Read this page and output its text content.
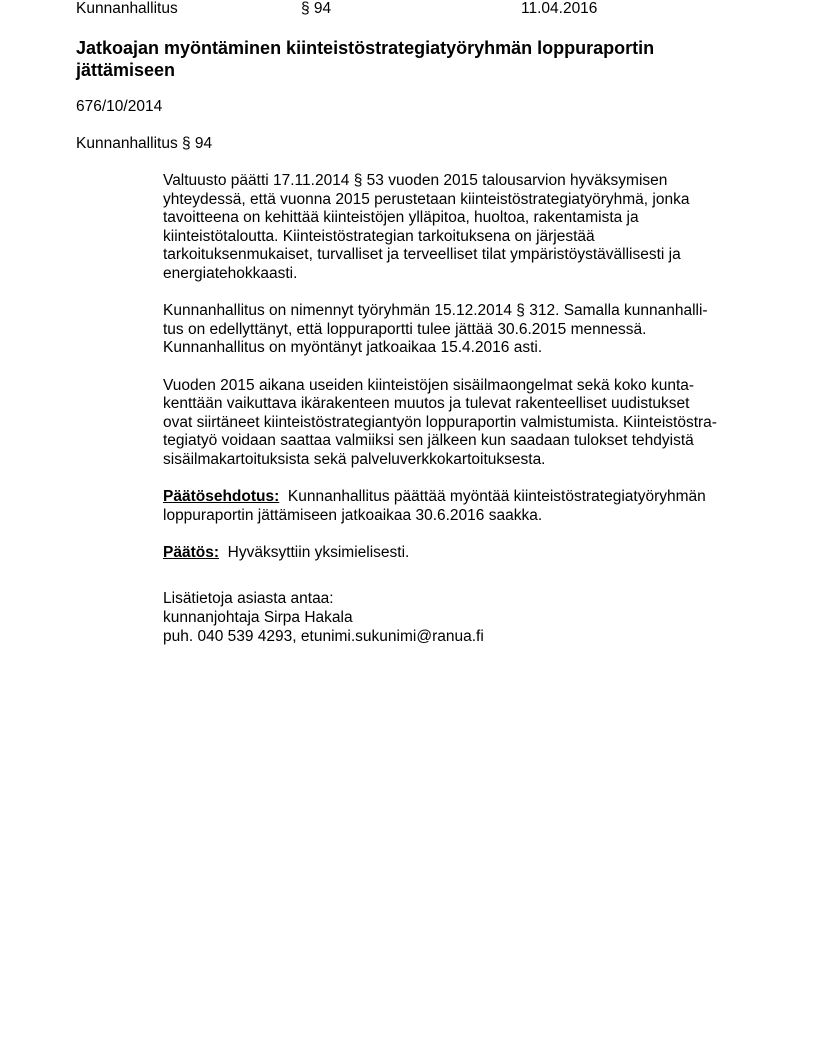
Kunnanhallitus	§ 94	11.04.2016
Jatkoajan myöntäminen kiinteistöstrategiatyöryhmän loppuraportin jättämiseen
676/10/2014
Kunnanhallitus § 94

Valtuusto päätti 17.11.2014 § 53 vuoden 2015 talousarvion hyväksymisen
yhteydessä, että vuonna 2015 perustetaan kiinteistöstrategiatyöryhmä, jonka
tavoitteena on kehittää kiinteistöjen ylläpitoa, huoltoa, rakentamista ja
kiinteistötaloutta. Kiinteistöstrategian tarkoituksena on järjestää
tarkoituksenmukaiset, turvalliset ja terveelliset tilat ympäristöystävällisesti ja
energiatehokkaasti.

Kunnanhallitus on nimennyt työryhmän 15.12.2014 § 312. Samalla kunnanhalli-
tus on edellyttänyt, että loppuraportti tulee jättää 30.6.2015 mennessä.
Kunnanhallitus on myöntänyt jatkoaikaa 15.4.2016 asti.

Vuoden 2015 aikana useiden kiinteistöjen sisäilmaongelmat sekä koko kunta-
kenttään vaikuttava ikärakenteen muutos ja tulevat rakenteelliset uudistukset
ovat siirtäneet kiinteistöstrategiantyön loppuraportin valmistumista. Kiinteistöstra-
tegiatyö voidaan saattaa valmiiksi sen jälkeen kun saadaan tulokset tehdyistä
sisäilmakartoituksista sekä palveluverkkokartoituksesta.

Päätösehdotus: Kunnanhallitus päättää myöntää kiinteistöstrategiatyöryhmän
loppuraportin jättämiseen jatkoaikaa 30.6.2016 saakka.

Päätös: Hyväksyttiin yksimielisesti.

Lisätietoja asiasta antaa:
kunnanjohtaja Sirpa Hakala
puh. 040 539 4293, etunimi.sukunimi@ranua.fi
